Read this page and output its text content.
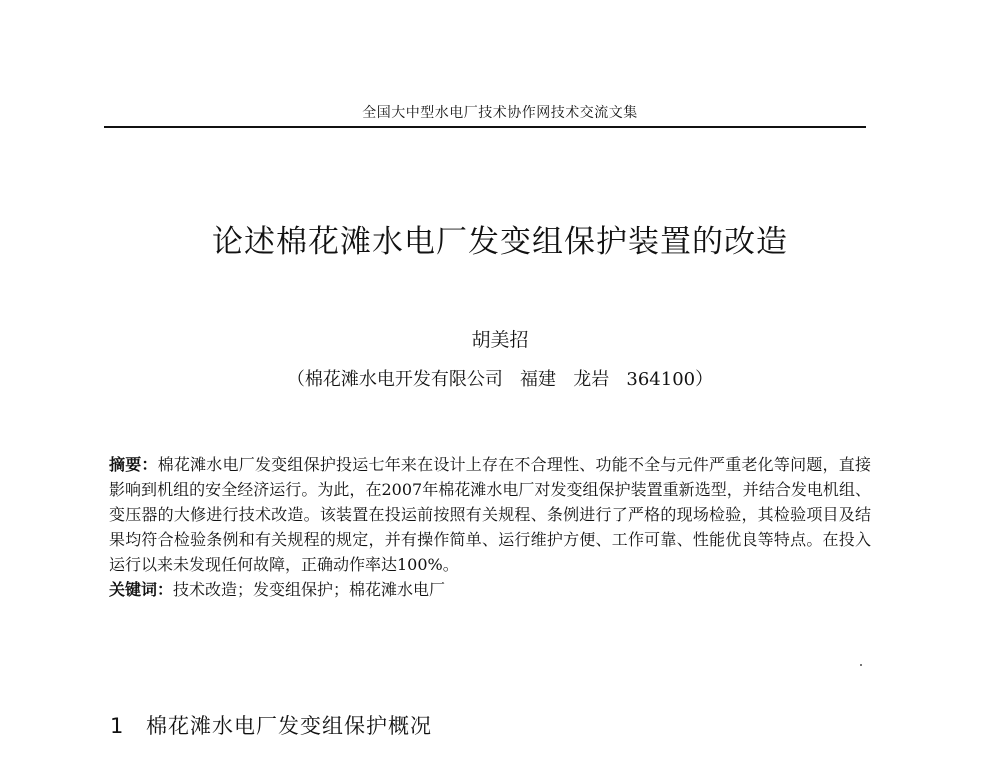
全国大中型水电厂技术协作网技术交流文集
论述棉花滩水电厂发变组保护装置的改造
胡美招
（棉花滩水电开发有限公司 福建 龙岩 364100）

摘要：棉花滩水电厂发变组保护投运七年来在设计上存在不合理性、功能不全与元件严重老化等问题，直接影响到机组的安全经济运行。为此，在2007年棉花滩水电厂对发变组保护装置重新选型，并结合发电机组、变压器的大修进行技术改造。该装置在投运前按照有关规程、条例进行了严格的现场检验，其检验项目及结果均符合检验条例和有关规程的规定，并有操作简单、运行维护方便、工作可靠、性能优良等特点。在投入运行以来未发现任何故障，正确动作率达100%。

关键词：技术改造；发变组保护；棉花滩水电厂

1 棉花滩水电厂发变组保护概况
